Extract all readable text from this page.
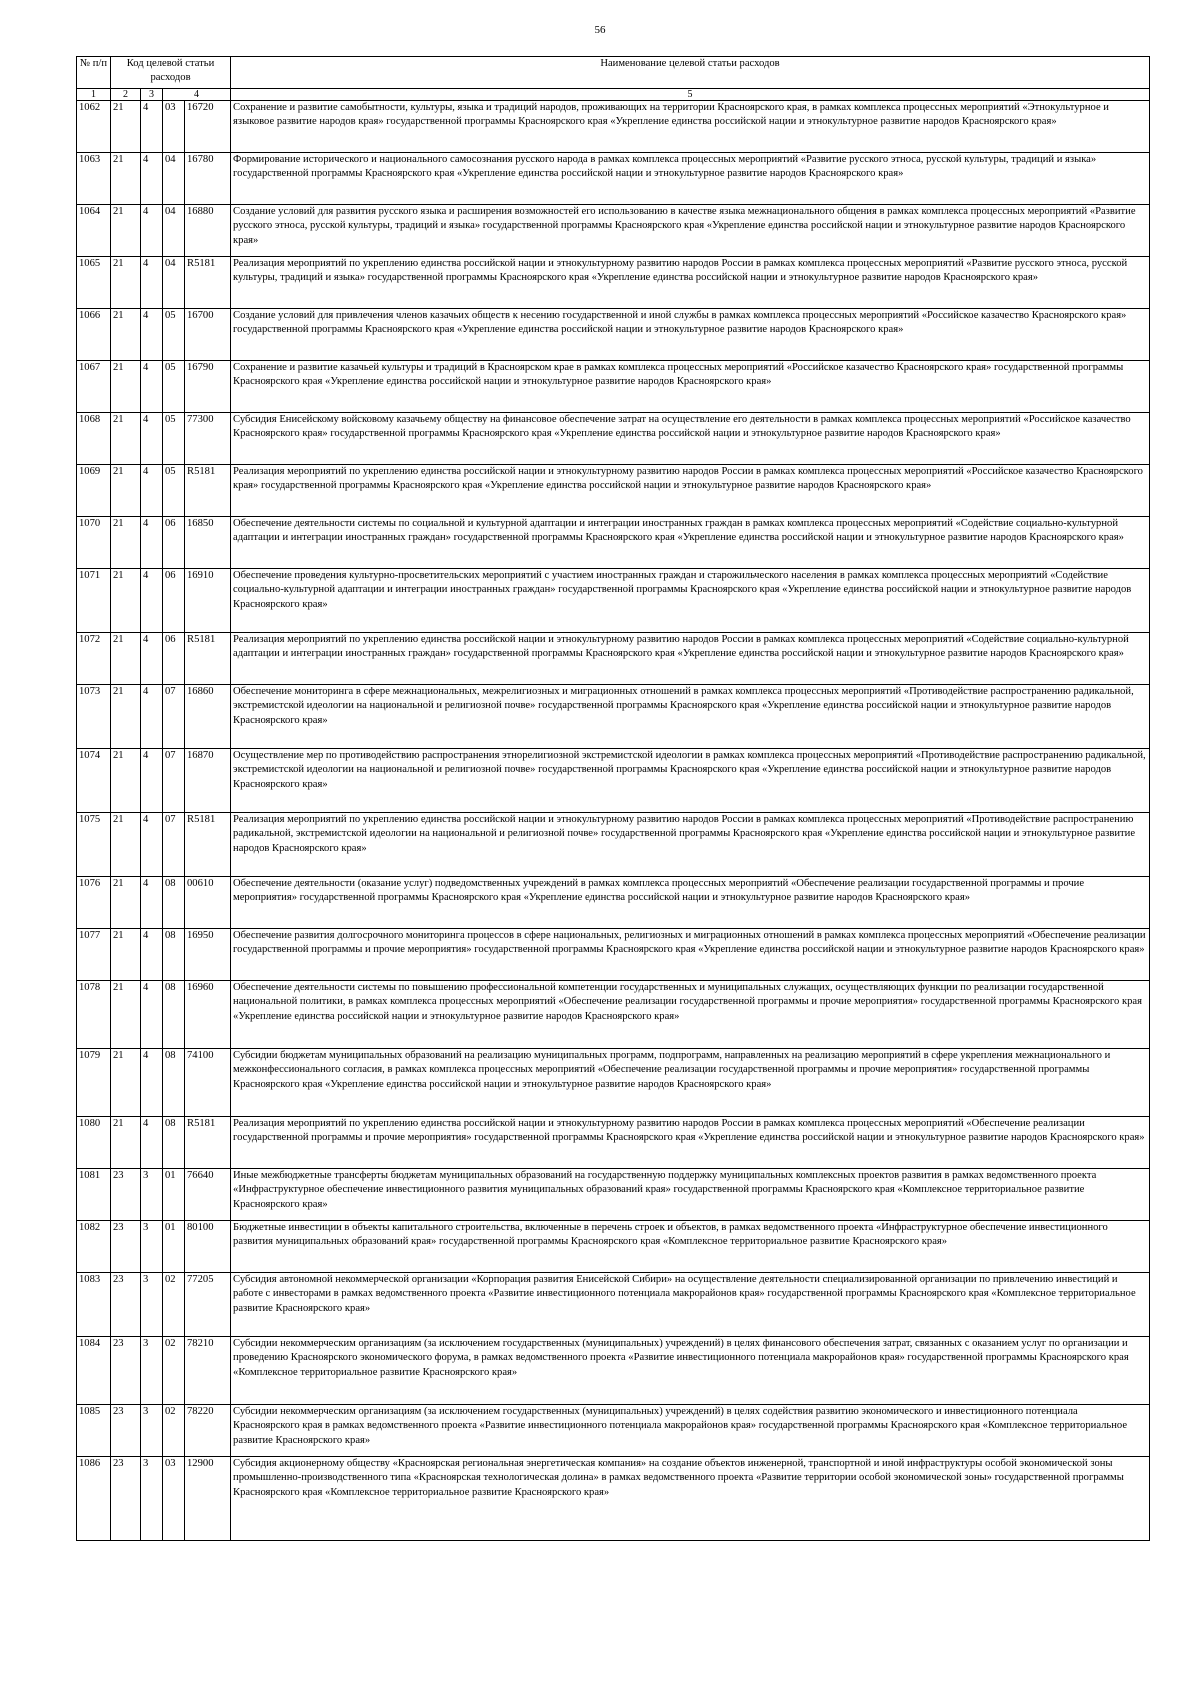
56
№ п/п	Код целевой статьи расходов				Наименование целевой статьи расходов

1	2	3	4		5
1062	21	4	03	16720	Сохранение и развитие самобытности, культуры, языка и традиций народов, проживающих на территории Красноярского края, в рамках комплекса процессных мероприятий «Этнокультурное и языковое развитие народов края» государственной программы Красноярского края «Укрепление единства российской нации и этнокультурное развитие народов Красноярского края»
1063	21	4	04	16780	Формирование исторического и национального самосознания русского народа в рамках комплекса процессных мероприятий «Развитие русского этноса, русской культуры, традиций и языка» государственной программы Красноярского края «Укрепление единства российской нации и этнокультурное развитие народов Красноярского края»
1064	21	4	04	16880	Создание условий для развития русского языка и расширения возможностей его использованию в качестве языка межнационального общения в рамках комплекса процессных мероприятий «Развитие русского этноса, русской культуры, традиций и языка» государственной программы Красноярского края «Укрепление единства российской нации и этнокультурное развитие народов Красноярского края»
1065	21	4	04	R5181	Реализация мероприятий по укреплению единства российской нации и этнокультурному развитию народов России в рамках комплекса процессных мероприятий «Развитие русского этноса, русской культуры, традиций и языка» государственной программы Красноярского края «Укрепление единства российской нации и этнокультурное развитие народов Красноярского края»
1066	21	4	05	16700	Создание условий для привлечения членов казачьих обществ к несению государственной и иной службы в рамках комплекса процессных мероприятий «Российское казачество Красноярского края» государственной программы Красноярского края «Укрепление единства российской нации и этнокультурное развитие народов Красноярского края»
1067	21	4	05	16790	Сохранение и развитие казачьей культуры и традиций в Красноярском крае в рамках комплекса процессных мероприятий «Российское казачество Красноярского края» государственной программы Красноярского края «Укрепление единства российской нации и этнокультурное развитие народов Красноярского края»
1068	21	4	05	77300	Субсидия Енисейскому войсковому казачьему обществу на финансовое обеспечение затрат на осуществление его деятельности в рамках комплекса процессных мероприятий «Российское казачество Красноярского края» государственной программы Красноярского края «Укрепление единства российской нации и этнокультурное развитие народов Красноярского края»
1069	21	4	05	R5181	Реализация мероприятий по укреплению единства российской нации и этнокультурному развитию народов России в рамках комплекса процессных мероприятий «Российское казачество Красноярского края» государственной программы Красноярского края «Укрепление единства российской нации и этнокультурное развитие народов Красноярского края»
1070	21	4	06	16850	Обеспечение деятельности системы по социальной и культурной адаптации и интеграции иностранных граждан в рамках комплекса процессных мероприятий «Содействие социально-культурной адаптации и интеграции иностранных граждан» государственной программы Красноярского края «Укрепление единства российской нации и этнокультурное развитие народов Красноярского края»
1071	21	4	06	16910	Обеспечение проведения культурно-просветительских мероприятий с участием иностранных граждан и старожильческого населения в рамках комплекса процессных мероприятий «Содействие социально-культурной адаптации и интеграции иностранных граждан» государственной программы Красноярского края «Укрепление единства российской нации и этнокультурное развитие народов Красноярского края»
1072	21	4	06	R5181	Реализация мероприятий по укреплению единства российской нации и этнокультурному развитию народов России в рамках комплекса процессных мероприятий «Содействие социально-культурной адаптации и интеграции иностранных граждан» государственной программы Красноярского края «Укрепление единства российской нации и этнокультурное развитие народов Красноярского края»
1073	21	4	07	16860	Обеспечение мониторинга в сфере межнациональных, межрелигиозных и миграционных отношений в рамках комплекса процессных мероприятий «Противодействие распространению радикальной, экстремистской идеологии на национальной и религиозной почве» государственной программы Красноярского края «Укрепление единства российской нации и этнокультурное развитие народов Красноярского края»
1074	21	4	07	16870	Осуществление мер по противодействию распространения этнорелигиозной экстремистской идеологии в рамках комплекса процессных мероприятий «Противодействие распространению радикальной, экстремистской идеологии на национальной и религиозной почве» государственной программы Красноярского края «Укрепление единства российской нации и этнокультурное развитие народов Красноярского края»
1075	21	4	07	R5181	Реализация мероприятий по укреплению единства российской нации и этнокультурному развитию народов России в рамках комплекса процессных мероприятий «Противодействие распространению радикальной, экстремистской идеологии на национальной и религиозной почве» государственной программы Красноярского края «Укрепление единства российской нации и этнокультурное развитие народов Красноярского края»
1076	21	4	08	00610	Обеспечение деятельности (оказание услуг) подведомственных учреждений в рамках комплекса процессных мероприятий «Обеспечение реализации государственной программы и прочие мероприятия» государственной программы Красноярского края «Укрепление единства российской нации и этнокультурное развитие народов Красноярского края»
1077	21	4	08	16950	Обеспечение развития долгосрочного мониторинга процессов в сфере национальных, религиозных и миграционных отношений в рамках комплекса процессных мероприятий «Обеспечение реализации государственной программы и прочие мероприятия» государственной программы Красноярского края «Укрепление единства российской нации и этнокультурное развитие народов Красноярского края»
1078	21	4	08	16960	Обеспечение деятельности системы по повышению профессиональной компетенции государственных и муниципальных служащих, осуществляющих функции по реализации государственной национальной политики, в рамках комплекса процессных мероприятий «Обеспечение реализации государственной программы и прочие мероприятия» государственной программы Красноярского края «Укрепление единства российской нации и этнокультурное развитие народов Красноярского края»
1079	21	4	08	74100	Субсидии бюджетам муниципальных образований на реализацию муниципальных программ, подпрограмм, направленных на реализацию мероприятий в сфере укрепления межнационального и межконфессионального согласия, в рамках комплекса процессных мероприятий «Обеспечение реализации государственной программы и прочие мероприятия» государственной программы Красноярского края «Укрепление единства российской нации и этнокультурное развитие народов Красноярского края»
1080	21	4	08	R5181	Реализация мероприятий по укреплению единства российской нации и этнокультурному развитию народов России в рамках комплекса процессных мероприятий «Обеспечение реализации государственной программы и прочие мероприятия» государственной программы Красноярского края «Укрепление единства российской нации и этнокультурное развитие народов Красноярского края»
1081	23	3	01	76640	Иные межбюджетные трансферты бюджетам муниципальных образований на государственную поддержку муниципальных комплексных проектов развития в рамках ведомственного проекта «Инфраструктурное обеспечение инвестиционного развития муниципальных образований края» государственной программы Красноярского края «Комплексное территориальное развитие Красноярского края»
1082	23	3	01	80100	Бюджетные инвестиции в объекты капитального строительства, включенные в перечень строек и объектов, в рамках ведомственного проекта «Инфраструктурное обеспечение инвестиционного развития муниципальных образований края» государственной программы Красноярского края «Комплексное территориальное развитие Красноярского края»
1083	23	3	02	77205	Субсидия автономной некоммерческой организации «Корпорация развития Енисейской Сибири» на осуществление деятельности специализированной организации по привлечению инвестиций и работе с инвесторами в рамках ведомственного проекта «Развитие инвестиционного потенциала макрорайонов края» государственной программы Красноярского края «Комплексное территориальное развитие Красноярского края»
1084	23	3	02	78210	Субсидии некоммерческим организациям (за исключением государственных (муниципальных) учреждений) в целях финансового обеспечения затрат, связанных с оказанием услуг по организации и проведению Красноярского экономического форума, в рамках ведомственного проекта «Развитие инвестиционного потенциала макрорайонов края» государственной программы Красноярского края «Комплексное территориальное развитие Красноярского края»
1085	23	3	02	78220	Субсидии некоммерческим организациям (за исключением государственных (муниципальных) учреждений) в целях содействия развитию экономического и инвестиционного потенциала Красноярского края в рамках ведомственного проекта «Развитие инвестиционного потенциала макрорайонов края» государственной программы Красноярского края «Комплексное территориальное развитие Красноярского края»
1086	23	3	03	12900	Субсидия акционерному обществу «Красноярская региональная энергетическая компания» на создание объектов инженерной, транспортной и иной инфраструктуры особой экономической зоны промышленно-производственного типа «Красноярская технологическая долина» в рамках ведомственного проекта «Развитие территории особой экономической зоны» государственной программы Красноярского края «Комплексное территориальное развитие Красноярского края»
